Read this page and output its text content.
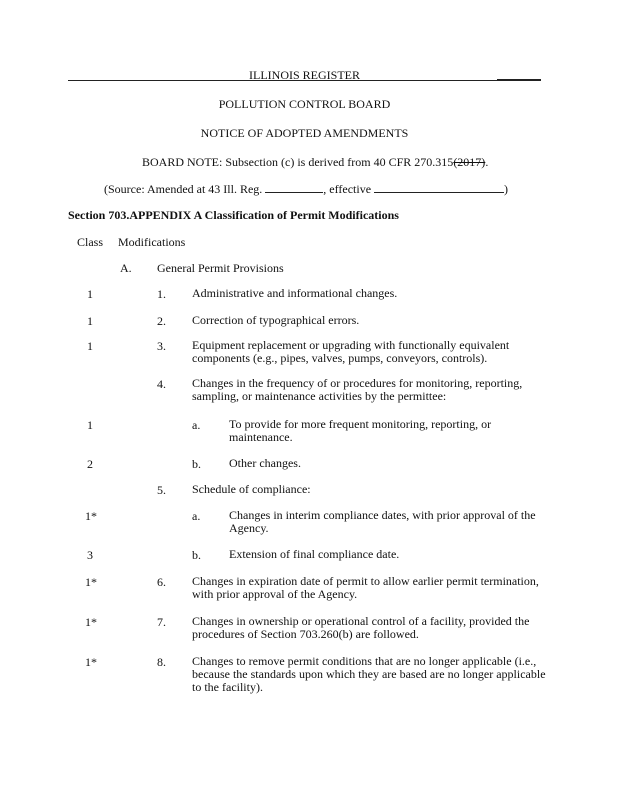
ILLINOIS REGISTER
POLLUTION CONTROL BOARD
NOTICE OF ADOPTED AMENDMENTS
BOARD NOTE: Subsection (c) is derived from 40 CFR 270.315(2017).
(Source: Amended at 43 Ill. Reg.	, effective	)
Section 703.APPENDIX A Classification of Permit Modifications
Class Modifications
A. General Permit Provisions
1	1. Administrative and informational changes.
1	2. Correction of typographical errors.
1	3. Equipment replacement or upgrading with functionally equivalent components (e.g., pipes, valves, pumps, conveyors, controls).
4. Changes in the frequency of or procedures for monitoring, reporting, sampling, or maintenance activities by the permittee:
1	a. To provide for more frequent monitoring, reporting, or maintenance.
2	b. Other changes.
5. Schedule of compliance:
1*	a. Changes in interim compliance dates, with prior approval of the Agency.
3	b. Extension of final compliance date.
1*	6. Changes in expiration date of permit to allow earlier permit termination, with prior approval of the Agency.
1*	7. Changes in ownership or operational control of a facility, provided the procedures of Section 703.260(b) are followed.
1*	8. Changes to remove permit conditions that are no longer applicable (i.e., because the standards upon which they are based are no longer applicable to the facility).
